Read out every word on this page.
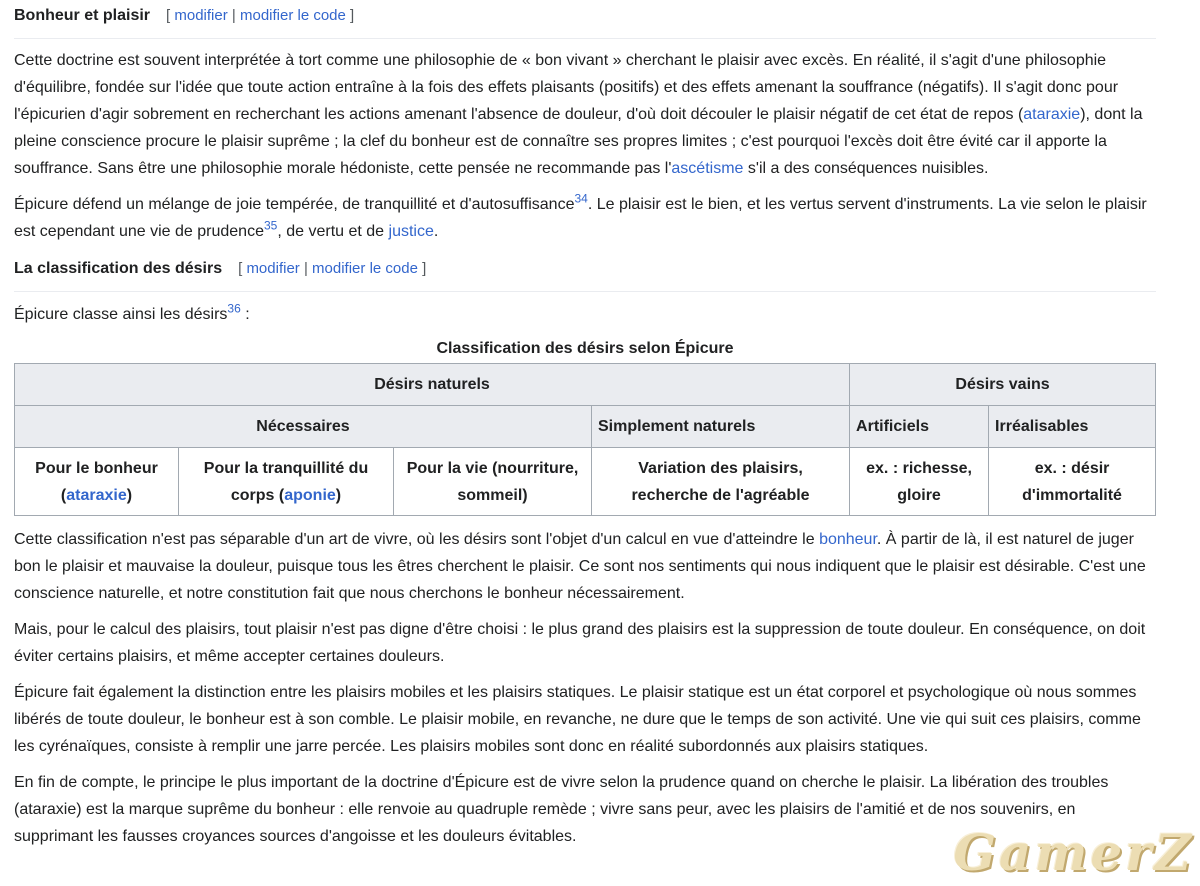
Bonheur et plaisir [ modifier | modifier le code ]

Cette doctrine est souvent interprétée à tort comme une philosophie de « bon vivant » cherchant le plaisir avec excès. En réalité, il s'agit d'une philosophie d'équilibre, fondée sur l'idée que toute action entraîne à la fois des effets plaisants (positifs) et des effets amenant la souffrance (négatifs). Il s'agit donc pour l'épicurien d'agir sobrement en recherchant les actions amenant l'absence de douleur, d'où doit découler le plaisir négatif de cet état de repos (ataraxie), dont la pleine conscience procure le plaisir suprême ; la clef du bonheur est de connaître ses propres limites ; c'est pourquoi l'excès doit être évité car il apporte la souffrance. Sans être une philosophie morale hédoniste, cette pensée ne recommande pas l'ascétisme s'il a des conséquences nuisibles.

Épicure défend un mélange de joie tempérée, de tranquillité et d'autosuffisance$^{34}$. Le plaisir est le bien, et les vertus servent d'instruments. La vie selon le plaisir est cependant une vie de prudence$^{35}$, de vertu et de justice.

La classification des désirs [ modifier | modifier le code ]

Épicure classe ainsi les désirs$^{36}$ :

Classification des désirs selon Épicure
Désirs naturels				Désirs vains	
Nécessaires			Simplement naturels	Artificiels	Irréalisables
Pour le bonheur
(ataraxie)	Pour la tranquillité du corps (aponie)	Pour la vie (nourriture, sommeil)	Variation des plaisirs, recherche de l'agréable	ex. : richesse, gloire	ex. : désir d'immortalité

Cette classification n'est pas séparable d'un art de vivre, où les désirs sont l'objet d'un calcul en vue d'atteindre le bonheur. À partir de là, il est naturel de juger bon le plaisir et mauvaise la douleur, puisque tous les êtres cherchent le plaisir. Ce sont nos sentiments qui nous indiquent que le plaisir est désirable. C'est une conscience naturelle, et notre constitution fait que nous cherchons le bonheur nécessairement.

Mais, pour le calcul des plaisirs, tout plaisir n'est pas digne d'être choisi : le plus grand des plaisirs est la suppression de toute douleur. En conséquence, on doit éviter certains plaisirs, et même accepter certaines douleurs.

Épicure fait également la distinction entre les plaisirs mobiles et les plaisirs statiques. Le plaisir statique est un état corporel et psychologique où nous sommes libérés de toute douleur, le bonheur est à son comble. Le plaisir mobile, en revanche, ne dure que le temps de son activité. Une vie qui suit ces plaisirs, comme les cyrénaïques, consiste à remplir une jarre percée. Les plaisirs mobiles sont donc en réalité subordonnés aux plaisirs statiques.

En fin de compte, le principe le plus important de la doctrine d'Épicure est de vivre selon la prudence quand on cherche le plaisir. La libération des troubles (ataraxie) est la marque suprême du bonheur : elle renvoie au quadruple remède ; vivre sans peur, avec les plaisirs de l'amitié et de nos souvenirs, en supprimant les fausses croyances sources d'angoisse et les douleurs évitables.	GamerZ
